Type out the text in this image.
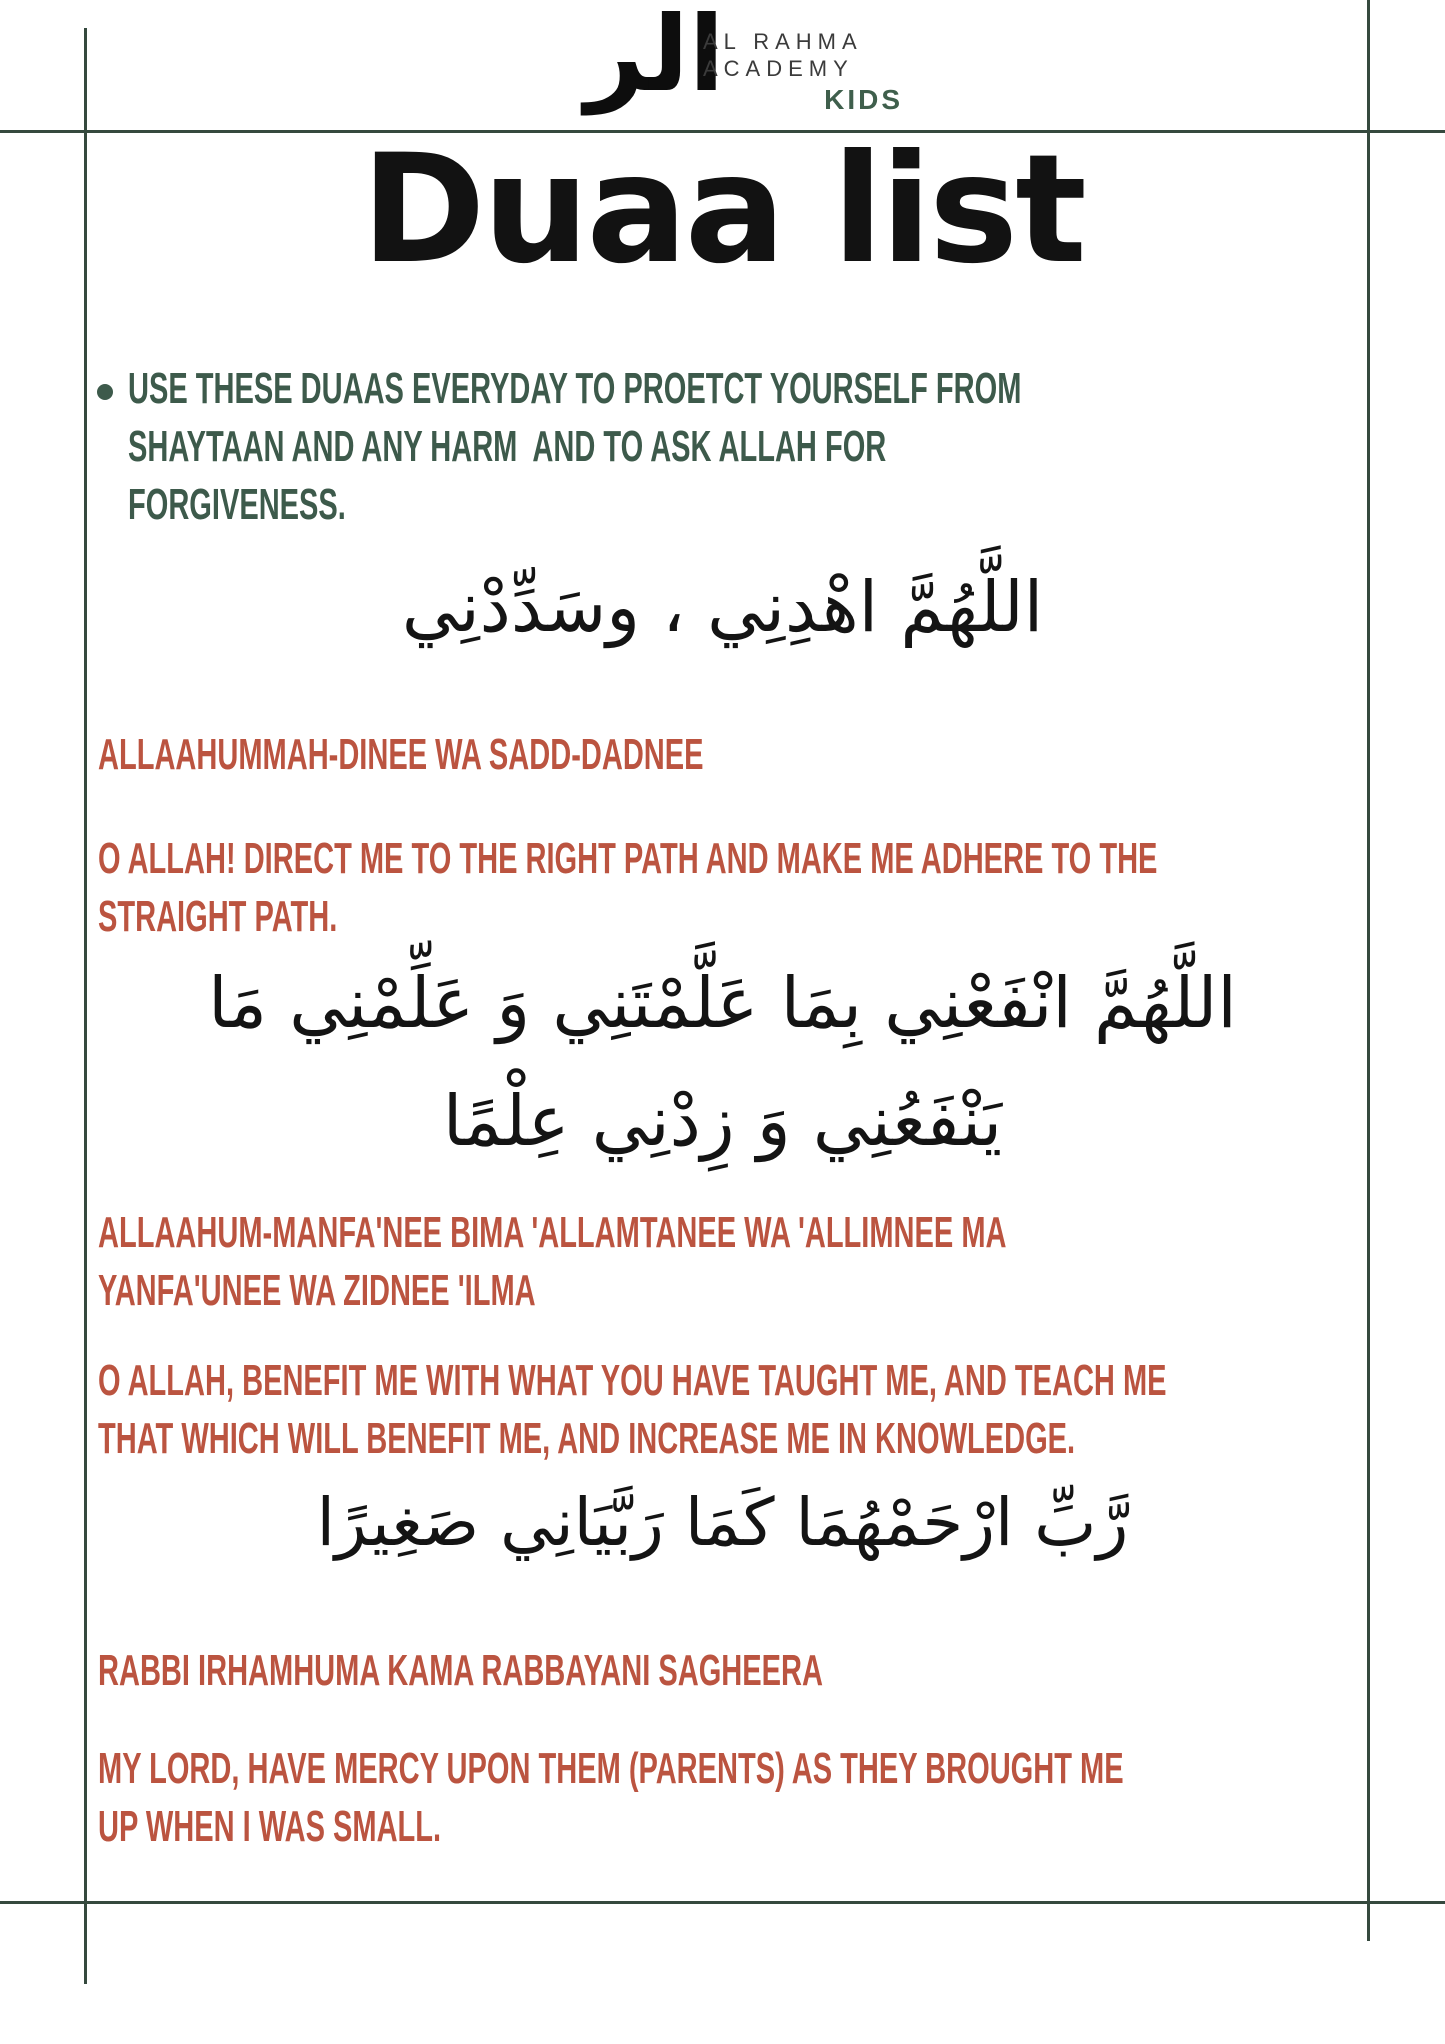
الر
AL RAHMA
ACADEMY
KIDS
Duaa list
USE THESE DUAAS EVERYDAY TO PROETCT YOURSELF FROM
SHAYTAAN AND ANY HARM  AND TO ASK ALLAH FOR
FORGIVENESS.
اللَّهُمَّ اهْدِنِي ، وسَدِّدْنِي
ALLAAHUMMAH-DINEE WA SADD-DADNEE
O ALLAH! DIRECT ME TO THE RIGHT PATH AND MAKE ME ADHERE TO THE
STRAIGHT PATH.
اللَّهُمَّ انْفَعْنِي بِمَا عَلَّمْتَنِي وَ عَلِّمْنِي مَا
يَنْفَعُنِي وَ زِدْنِي عِلْمًا
ALLAAHUM-MANFA'NEE BIMA 'ALLAMTANEE WA 'ALLIMNEE MA
YANFA'UNEE WA ZIDNEE 'ILMA
O ALLAH, BENEFIT ME WITH WHAT YOU HAVE TAUGHT ME, AND TEACH ME
THAT WHICH WILL BENEFIT ME, AND INCREASE ME IN KNOWLEDGE.
رَّبِّ ارْحَمْهُمَا كَمَا رَبَّيَانِي صَغِيرًا
RABBI IRHAMHUMA KAMA RABBAYANI SAGHEERA
MY LORD, HAVE MERCY UPON THEM (PARENTS) AS THEY BROUGHT ME
UP WHEN I WAS SMALL.
